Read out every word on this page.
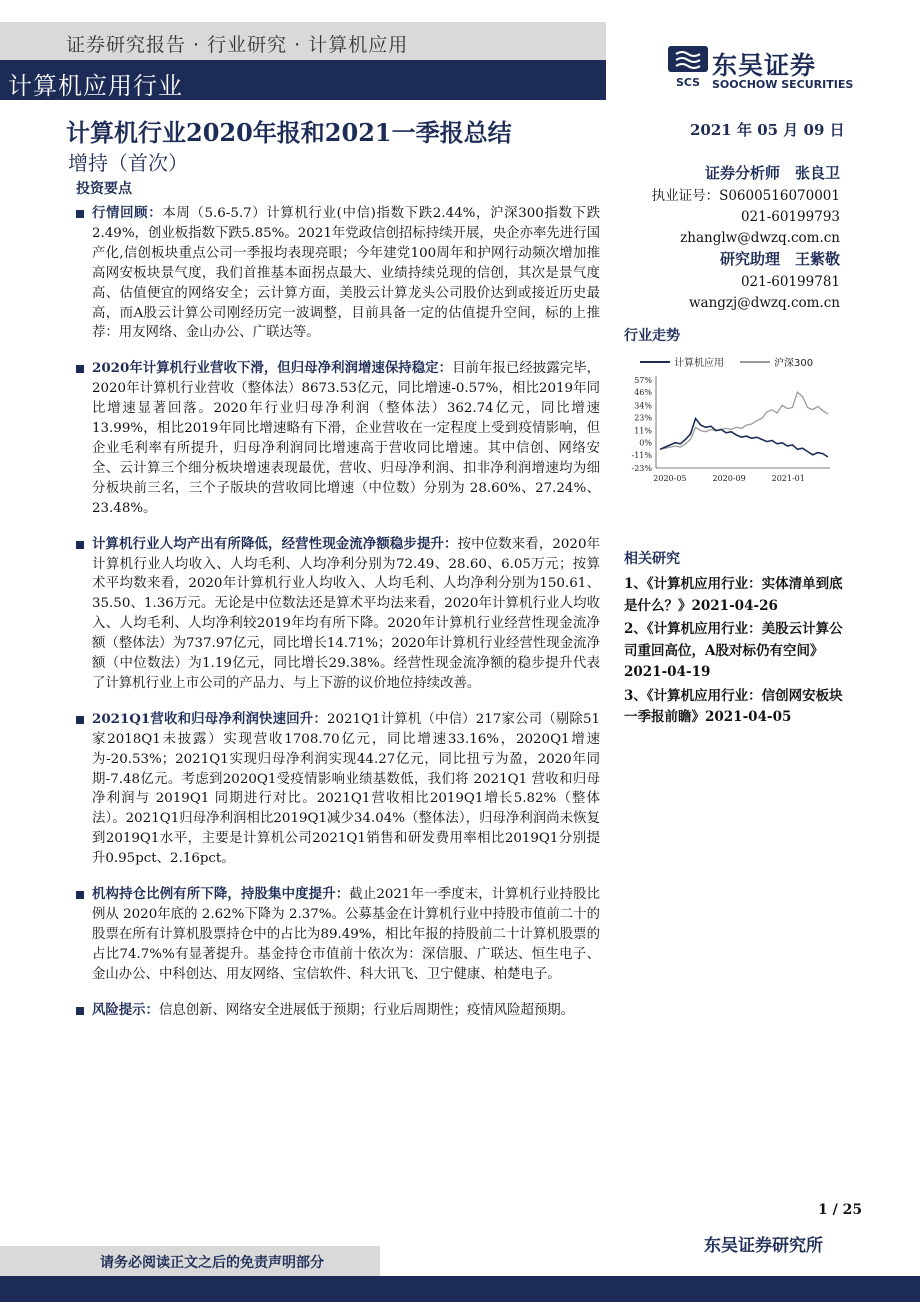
证券研究报告 · 行业研究 · 计算机应用
计算机应用行业	SCS
东吴证券
SOOCHOW SECURITIES
计算机行业2020年报和2021一季报总结	2021 年 05 月 09 日
增持（首次）
投资要点
证券分析师　张良卫
执业证号：S0600516070001
021-60199793
zhanglw@dwzq.com.cn
研究助理　王紫敬
021-60199781
wangzj@dwzq.com.cn
行情回顾：本周（5.6-5.7）计算机行业(中信)指数下跌2.44%，沪深300指数下跌2.49%，创业板指数下跌5.85%。2021年党政信创招标持续开展，央企亦率先进行国产化,信创板块重点公司一季报均表现亮眼；今年建党100周年和护网行动频次增加推高网安板块景气度，我们首推基本面拐点最大、业绩持续兑现的信创，其次是景气度高、估值便宜的网络安全；云计算方面，美股云计算龙头公司股价达到或接近历史最高，而A股云计算公司刚经历完一波调整，目前具备一定的估值提升空间，标的上推荐：用友网络、金山办公、广联达等。
2020年计算机行业营收下滑，但归母净利润增速保持稳定：目前年报已经披露完毕，2020年计算机行业营收（整体法）8673.53亿元，同比增速-0.57%，相比2019年同比增速显著回落。2020年行业归母净利润（整体法）362.74亿元，同比增速13.99%，相比2019年同比增速略有下滑，企业营收在一定程度上受到疫情影响，但企业毛利率有所提升，归母净利润同比增速高于营收同比增速。其中信创、网络安全、云计算三个细分板块增速表现最优，营收、归母净利润、扣非净利润增速均为细分板块前三名，三个子版块的营收同比增速（中位数）分别为 28.60%、27.24%、23.48%。
计算机行业人均产出有所降低，经营性现金流净额稳步提升：按中位数来看，2020年计算机行业人均收入、人均毛利、人均净利分别为72.49、28.60、6.05万元；按算术平均数来看，2020年计算机行业人均收入、人均毛利、人均净利分别为150.61、35.50、1.36万元。无论是中位数法还是算术平均法来看，2020年计算机行业人均收入、人均毛利、人均净利较2019年均有所下降。2020年计算机行业经营性现金流净额（整体法）为737.97亿元，同比增长14.71%；2020年计算机行业经营性现金流净额（中位数法）为1.19亿元，同比增长29.38%。经营性现金流净额的稳步提升代表了计算机行业上市公司的产品力、与上下游的议价地位持续改善。
2021Q1营收和归母净利润快速回升：2021Q1计算机（中信）217家公司（剔除51家2018Q1未披露）实现营收1708.70亿元，同比增速33.16%，2020Q1增速为-20.53%；2021Q1实现归母净利润实现44.27亿元，同比扭亏为盈，2020年同期-7.48亿元。考虑到2020Q1受疫情影响业绩基数低，我们将 2021Q1 营收和归母净利润与 2019Q1 同期进行对比。2021Q1营收相比2019Q1增长5.82%（整体法）。2021Q1归母净利润相比2019Q1减少34.04%（整体法），归母净利润尚未恢复到2019Q1水平，主要是计算机公司2021Q1销售和研发费用率相比2019Q1分别提升0.95pct、2.16pct。
机构持仓比例有所下降，持股集中度提升：截止2021年一季度末，计算机行业持股比例从 2020年底的 2.62%下降为 2.37%。公募基金在计算机行业中持股市值前二十的股票在所有计算机股票持仓中的占比为89.49%，相比年报的持股前二十计算机股票的占比74.7%%有显著提升。基金持仓市值前十依次为：深信服、广联达、恒生电子、金山办公、中科创达、用友网络、宝信软件、科大讯飞、卫宁健康、柏楚电子。
风险提示：信息创新、网络安全进展低于预期；行业后周期性；疫情风险超预期。
行业走势
计算机应用	沪深300
57%
46%
34%
23%
11%
0%
-11%
-23%
2020-05	2020-09	2021-01
相关研究
1、《计算机应用行业：实体清单到底是什么？》2021-04-26
2、《计算机应用行业：美股云计算公司重回高位，A股对标仍有空间》2021-04-19
3、《计算机应用行业：信创网安板块一季报前瞻》2021-04-05
1 / 25
东吴证券研究所
请务必阅读正文之后的免责声明部分
